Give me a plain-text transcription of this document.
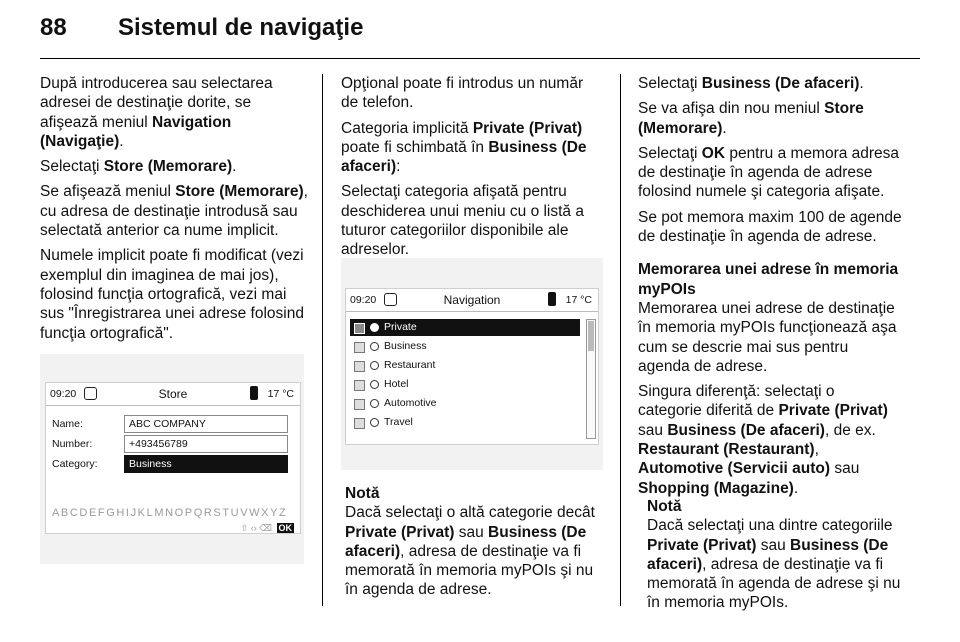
88 Sistemul de navigaţie

După introducerea sau selectarea adresei de destinaţie dorite, se afişează meniul Navigation (Navigaţie).

Selectaţi Store (Memorare).

Se afişează meniul Store (Memorare), cu adresa de destinaţie introdusă sau selectată anterior ca nume implicit.

Numele implicit poate fi modificat (vezi exemplul din imaginea de mai jos), folosind funcţia ortografică, vezi mai sus "Înregistrarea unei adrese folosind funcţia ortografică".

09:20	Store	17 °C
Name:	ABC COMPANY
Number:	+493456789
Category:	Business
ABCDEFGHIJKLMNOPQRSTUVWXYZ
⇧ ‹› ⌫ OK

Opţional poate fi introdus un număr de telefon.

Categoria implicită Private (Privat) poate fi schimbată în Business (De afaceri):

Selectaţi categoria afişată pentru deschiderea unui meniu cu o listă a tuturor categoriilor disponibile ale adreselor.

09:20	Navigation	17 °C
Private
Business
Restaurant
Hotel
Automotive
Travel
Notă
Dacă selectaţi o altă categorie decât Private (Privat) sau Business (De afaceri), adresa de destinaţie va fi memorată în memoria myPOIs şi nu în agenda de adrese.

Selectaţi Business (De afaceri).

Se va afişa din nou meniul Store (Memorare).

Selectaţi OK pentru a memora adresa de destinaţie în agenda de adrese folosind numele şi categoria afişate.

Se pot memora maxim 100 de agende de destinaţie în agenda de adrese.

Memorarea unei adrese în memoria myPOIs

Memorarea unei adrese de destinaţie în memoria myPOIs funcţionează aşa cum se descrie mai sus pentru agenda de adrese.

Singura diferenţă: selectaţi o categorie diferită de Private (Privat) sau Business (De afaceri), de ex. Restaurant (Restaurant), Automotive (Servicii auto) sau Shopping (Magazine).

Notă
Dacă selectaţi una dintre categoriile Private (Privat) sau Business (De afaceri), adresa de destinaţie va fi memorată în agenda de adrese şi nu în memoria myPOIs.
